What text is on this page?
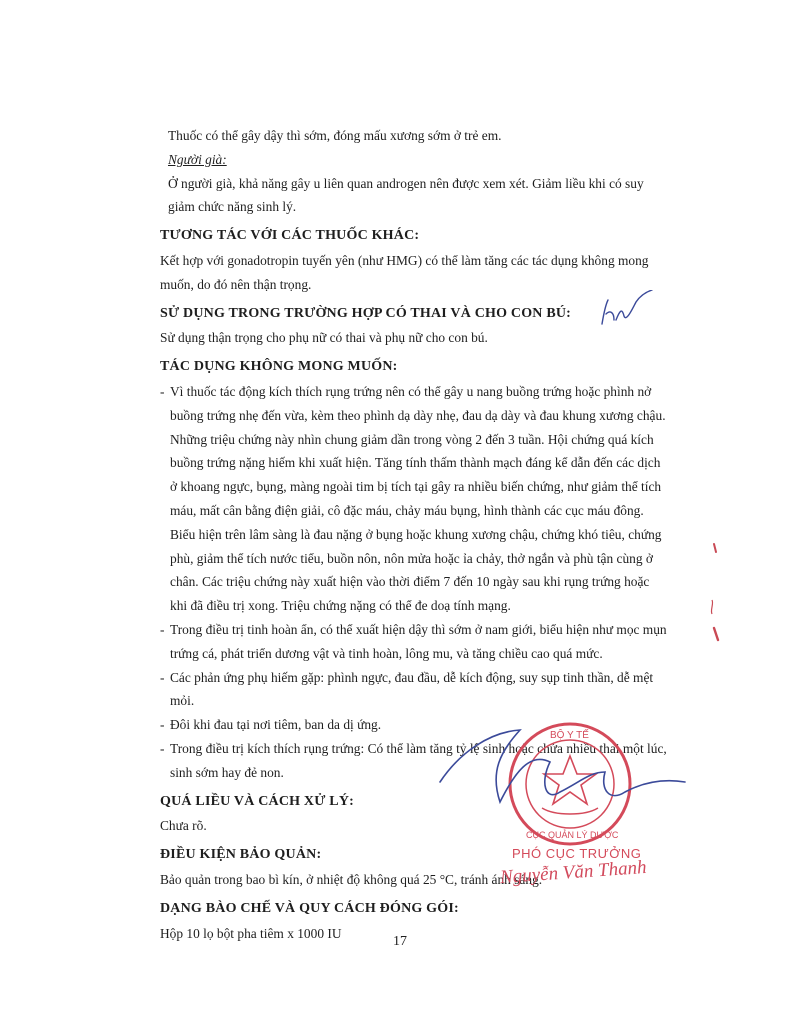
Thuốc có thể gây dậy thì sớm, đóng mấu xương sớm ở trẻ em.
Người già:
Ở người già, khả năng gây u liên quan androgen nên được xem xét. Giảm liều khi có suy
giảm chức năng sinh lý.
TƯƠNG TÁC VỚI CÁC THUỐC KHÁC:
Kết hợp với gonadotropin tuyến yên (như HMG) có thể làm tăng các tác dụng không mong
muốn, do đó nên thận trọng.
SỬ DỤNG TRONG TRƯỜNG HỢP CÓ THAI VÀ CHO CON BÚ:
Sử dụng thận trọng cho phụ nữ có thai và phụ nữ cho con bú.
TÁC DỤNG KHÔNG MONG MUỐN:
- Vì thuốc tác động kích thích rụng trứng nên có thể gây u nang buồng trứng hoặc phình nở
buồng trứng nhẹ đến vừa, kèm theo phình dạ dày nhẹ, đau dạ dày và đau khung xương chậu.
Những triệu chứng này nhìn chung giảm dần trong vòng 2 đến 3 tuần. Hội chứng quá kích
buồng trứng nặng hiếm khi xuất hiện. Tăng tính thấm thành mạch đáng kể dẫn đến các dịch
ở khoang ngực, bụng, màng ngoài tim bị tích tại gây ra nhiều biến chứng, như giảm thể tích
máu, mất cân bằng điện giải, cô đặc máu, chảy máu bụng, hình thành các cục máu đông.
Biểu hiện trên lâm sàng là đau nặng ở bụng hoặc khung xương chậu, chứng khó tiêu, chứng
phù, giảm thể tích nước tiểu, buồn nôn, nôn mửa hoặc ỉa chảy, thở ngắn và phù tận cùng ở
chân. Các triệu chứng này xuất hiện vào thời điểm 7 đến 10 ngày sau khi rụng trứng hoặc
khi đã điều trị xong. Triệu chứng nặng có thể đe doạ tính mạng.
- Trong điều trị tinh hoàn ẩn, có thể xuất hiện dậy thì sớm ở nam giới, biểu hiện như mọc mụn
trứng cá, phát triển dương vật và tinh hoàn, lông mu, và tăng chiều cao quá mức.
- Các phản ứng phụ hiếm gặp: phình ngực, đau đầu, dễ kích động, suy sụp tinh thần, dễ mệt
mỏi.
- Đôi khi đau tại nơi tiêm, ban da dị ứng.
- Trong điều trị kích thích rụng trứng: Có thể làm tăng tỷ lệ sinh hoặc chửa nhiều thai một lúc,
sinh sớm hay đẻ non.
QUÁ LIỀU VÀ CÁCH XỬ LÝ:
Chưa rõ.
ĐIỀU KIỆN BẢO QUẢN:
Bảo quản trong bao bì kín, ở nhiệt độ không quá 25 °C, tránh ánh sáng.
DẠNG BÀO CHẾ VÀ QUY CÁCH ĐÓNG GÓI:
Hộp 10 lọ bột pha tiêm x 1000 IU
BỘ Y TẾ
CỤC QUẢN LÝ DƯỢC
PHÓ CỤC TRƯỞNG
Nguyễn Văn Thanh
17
